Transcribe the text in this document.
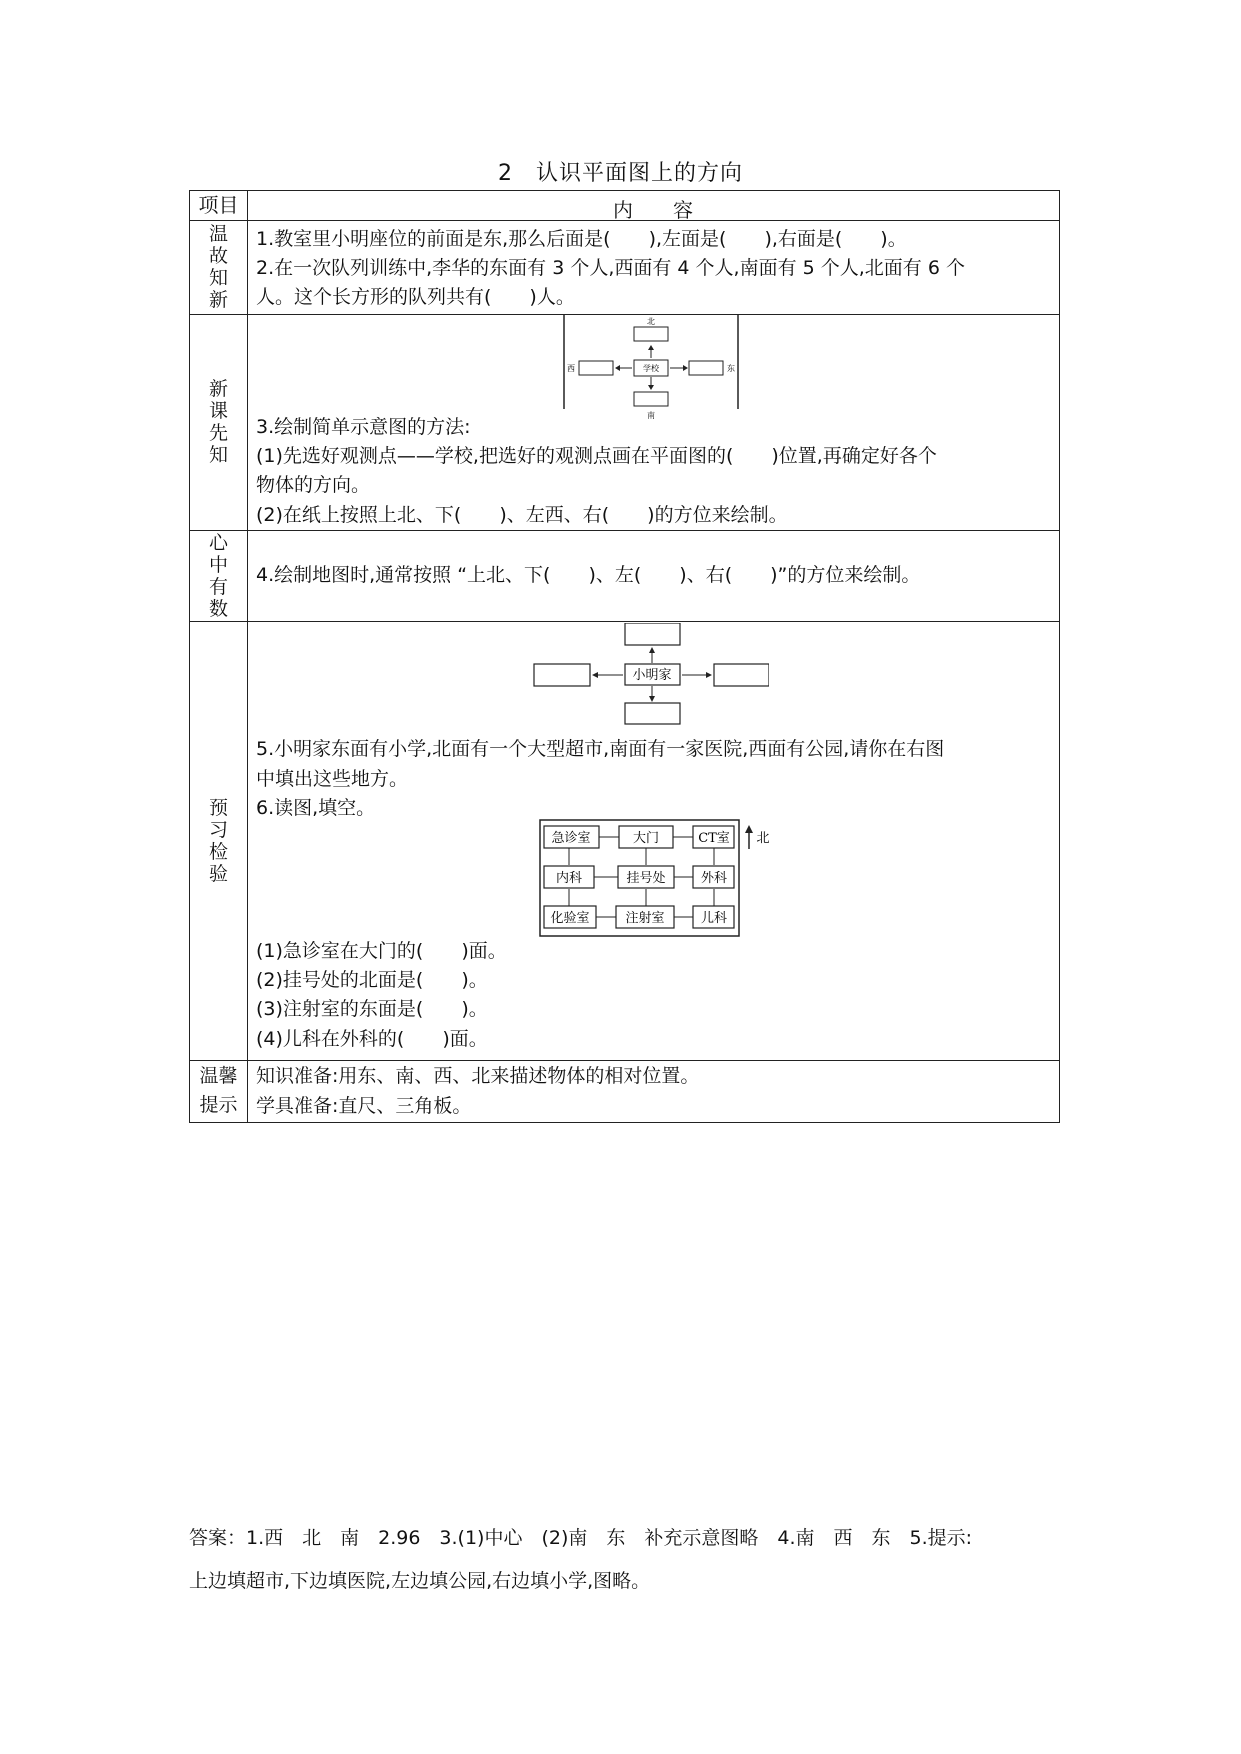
2　认识平面图上的方向
项目	内　　容
温
故
知
新
1.教室里小明座位的前面是东,那么后面是(　　),左面是(　　),右面是(　　)。
2.在一次队列训练中,李华的东面有 3 个人,西面有 4 个人,南面有 5 个人,北面有 6 个
人。这个长方形的队列共有(　　)人。
新
课
先
知
北
学校
西	东
南
3.绘制简单示意图的方法:
(1)先选好观测点——学校,把选好的观测点画在平面图的(　　)位置,再确定好各个
物体的方向。
(2)在纸上按照上北、下(　　)、左西、右(　　)的方位来绘制。
心
中
有
数
4.绘制地图时,通常按照 “上北、下(　　)、左(　　)、右(　　)”的方位来绘制。
预
习
检
验
小明家
5.小明家东面有小学,北面有一个大型超市,南面有一家医院,西面有公园,请你在右图
中填出这些地方。
6.读图,填空。
急诊室	大门	CT室
内科	挂号处	外科
化验室	注射室	儿科
北
(1)急诊室在大门的(　　)面。
(2)挂号处的北面是(　　)。
(3)注射室的东面是(　　)。
(4)儿科在外科的(　　)面。
温馨
提示
知识准备:用东、南、西、北来描述物体的相对位置。
学具准备:直尺、三角板。
答案：1.西　北　南　2.96　3.(1)中心　(2)南　东　补充示意图略　4.南　西　东　5.提示:
上边填超市,下边填医院,左边填公园,右边填小学,图略。
